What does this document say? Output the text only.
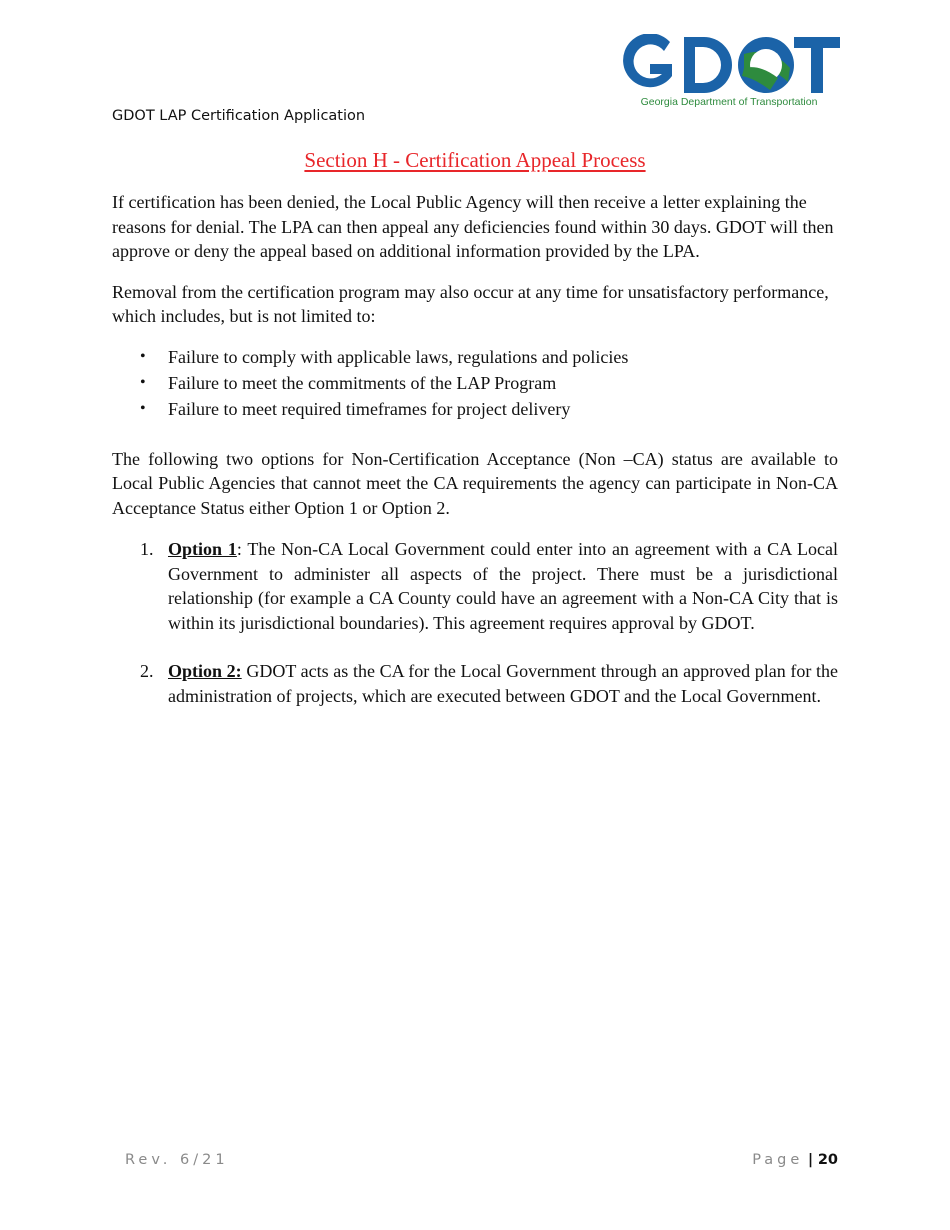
Georgia Department of Transportation
GDOT LAP Certification Application
Section H - Certification Appeal Process

If certification has been denied, the Local Public Agency will then receive a letter explaining the reasons for denial. The LPA can then appeal any deficiencies found within 30 days. GDOT will then approve or deny the appeal based on additional information provided by the LPA.

Removal from the certification program may also occur at any time for unsatisfactory performance, which includes, but is not limited to:

• Failure to comply with applicable laws, regulations and policies
• Failure to meet the commitments of the LAP Program
• Failure to meet required timeframes for project delivery

The following two options for Non-Certification Acceptance (Non –CA) status are available to Local Public Agencies that cannot meet the CA requirements the agency can participate in Non-CA Acceptance Status either Option 1 or Option 2.

1. Option 1: The Non-CA Local Government could enter into an agreement with a CA Local Government to administer all aspects of the project. There must be a jurisdictional relationship (for example a CA County could have an agreement with a Non-CA City that is within its jurisdictional boundaries). This agreement requires approval by GDOT.
2. Option 2: GDOT acts as the CA for the Local Government through an approved plan for the administration of projects, which are executed between GDOT and the Local Government.
Rev. 6/21	Page | 20
